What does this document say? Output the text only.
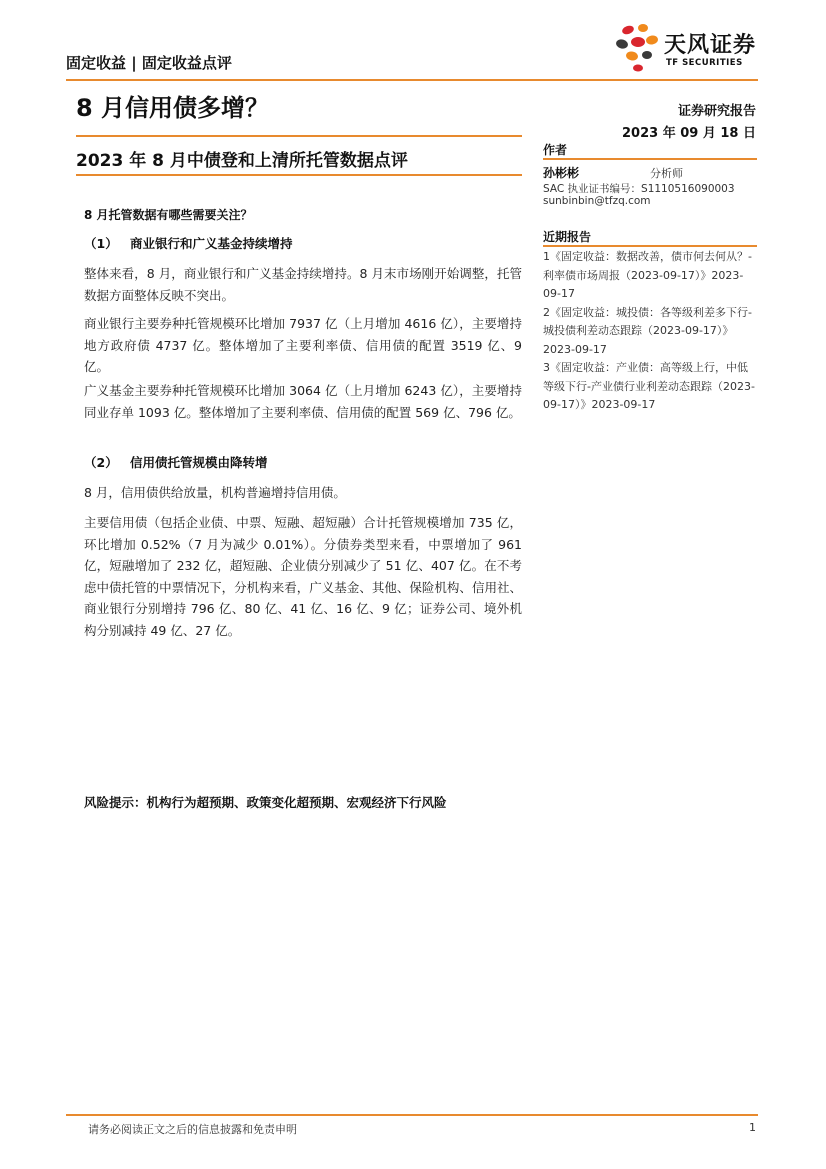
固定收益 | 固定收益点评
天风证券
TF SECURITIES
8 月信用债多增？	证券研究报告
2023 年 09 月 18 日
2023 年 8 月中债登和上清所托管数据点评
作者
孙彬彬	分析师
SAC 执业证书编号：S1110516090003
sunbinbin@tfzq.com
近期报告

1《固定收益：数据改善，债市何去何从？-利率债市场周报（2023-09-17）》2023-09-17

2《固定收益：城投债：各等级利差多下行-城投债利差动态跟踪（2023-09-17）》2023-09-17

3《固定收益：产业债：高等级上行，中低等级下行-产业债行业利差动态跟踪（2023-09-17）》2023-09-17

8 月托管数据有哪些需要关注？
（1） 商业银行和广义基金持续增持

整体来看，8 月，商业银行和广义基金持续增持。8 月末市场刚开始调整，托管数据方面整体反映不突出。

商业银行主要券种托管规模环比增加 7937 亿（上月增加 4616 亿），主要增持地方政府债 4737 亿。整体增加了主要利率债、信用债的配置 3519 亿、9 亿。

广义基金主要券种托管规模环比增加 3064 亿（上月增加 6243 亿），主要增持同业存单 1093 亿。整体增加了主要利率债、信用债的配置 569 亿、796 亿。

（2） 信用债托管规模由降转增

8 月，信用债供给放量，机构普遍增持信用债。

主要信用债（包括企业债、中票、短融、超短融）合计托管规模增加 735 亿，环比增加 0.52%（7 月为减少 0.01%）。分债券类型来看，中票增加了 961 亿，短融增加了 232 亿，超短融、企业债分别减少了 51 亿、407 亿。在不考虑中债托管的中票情况下，分机构来看，广义基金、其他、保险机构、信用社、商业银行分别增持 796 亿、80 亿、41 亿、16 亿、9 亿；证券公司、境外机构分别减持 49 亿、27 亿。

风险提示：机构行为超预期、政策变化超预期、宏观经济下行风险
请务必阅读正文之后的信息披露和免责申明	1
